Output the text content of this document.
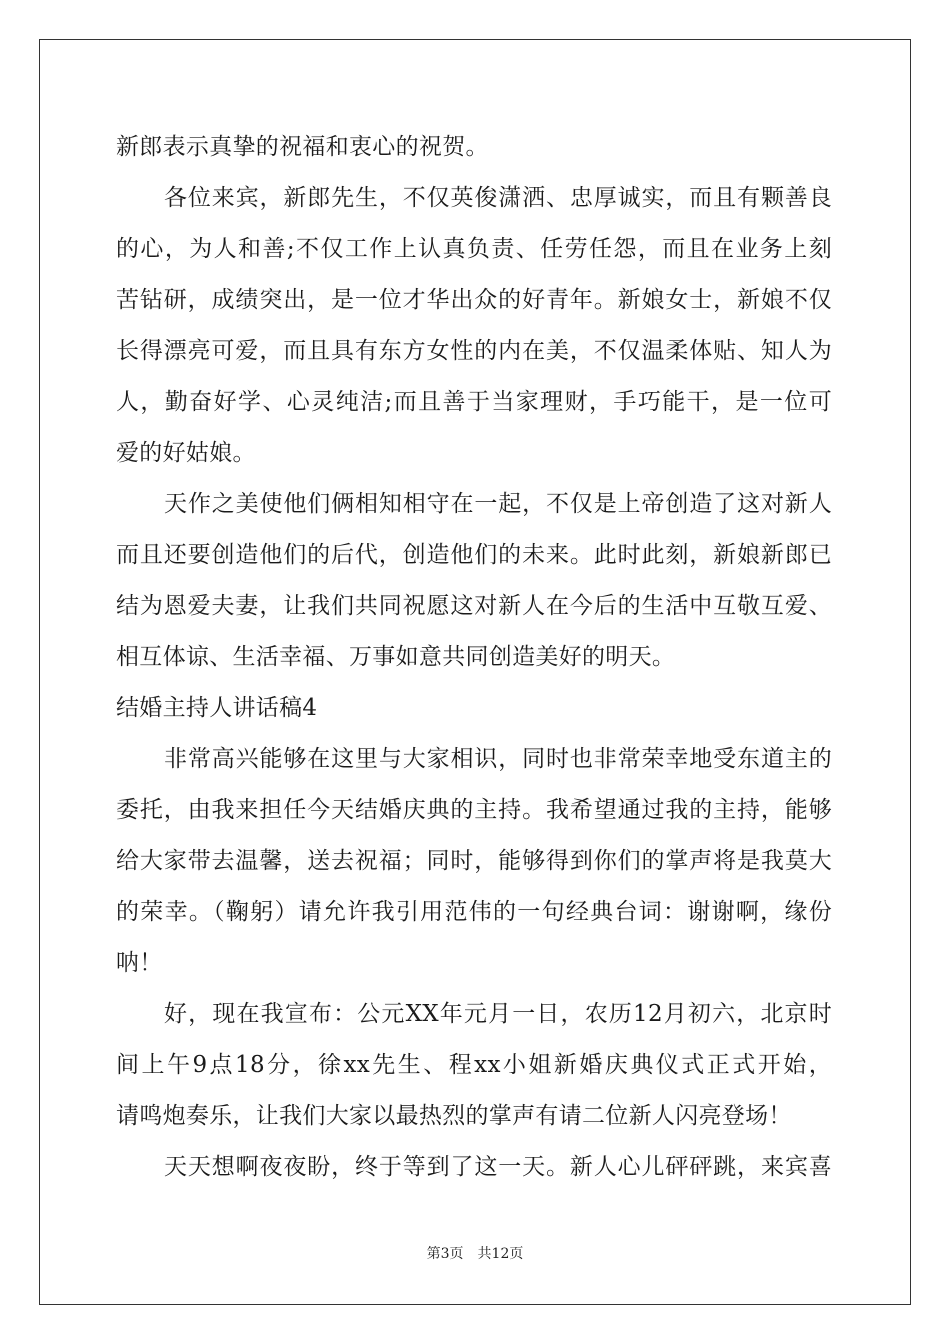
新郎表示真挚的祝福和衷心的祝贺。
各位来宾，新郎先生，不仅英俊潇洒、忠厚诚实，而且有颗善良
的心，为人和善;不仅工作上认真负责、任劳任怨，而且在业务上刻
苦钻研，成绩突出，是一位才华出众的好青年。新娘女士，新娘不仅
长得漂亮可爱，而且具有东方女性的内在美，不仅温柔体贴、知人为
人，勤奋好学、心灵纯洁;而且善于当家理财，手巧能干，是一位可
爱的好姑娘。
天作之美使他们俩相知相守在一起，不仅是上帝创造了这对新人
而且还要创造他们的后代，创造他们的未来。此时此刻，新娘新郎已
结为恩爱夫妻，让我们共同祝愿这对新人在今后的生活中互敬互爱、
相互体谅、生活幸福、万事如意共同创造美好的明天。
结婚主持人讲话稿4
非常高兴能够在这里与大家相识，同时也非常荣幸地受东道主的
委托，由我来担任今天结婚庆典的主持。我希望通过我的主持，能够
给大家带去温馨，送去祝福；同时，能够得到你们的掌声将是我莫大
的荣幸。（鞠躬）请允许我引用范伟的一句经典台词：谢谢啊，缘份
呐！
好，现在我宣布：公元XX年元月一日，农历12月初六，北京时
间上午9点18分，徐xx先生、程xx小姐新婚庆典仪式正式开始，
请鸣炮奏乐，让我们大家以最热烈的掌声有请二位新人闪亮登场！
天天想啊夜夜盼，终于等到了这一天。新人心儿砰砰跳，来宾喜
第3页 共12页
